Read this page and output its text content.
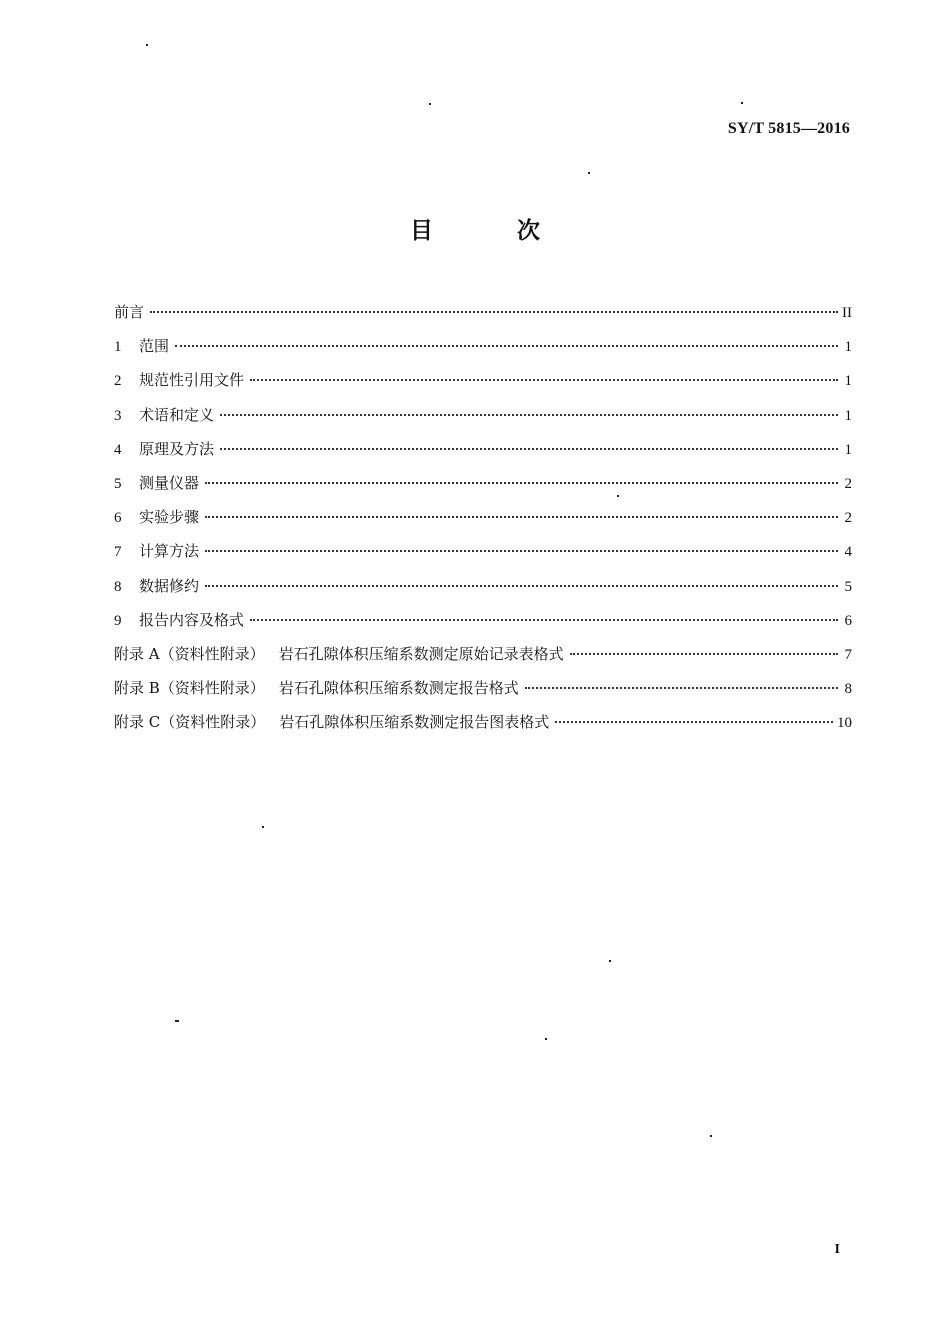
SY/T 5815—2016
目 次
前言	II
1	范围	1
2	规范性引用文件	1
3	术语和定义	1
4	原理及方法	1
5	测量仪器	2
6	实验步骤	2
7	计算方法	4
8	数据修约	5
9	报告内容及格式	6
附录 A（资料性附录） 岩石孔隙体积压缩系数测定原始记录表格式	7
附录 B（资料性附录） 岩石孔隙体积压缩系数测定报告格式	8
附录 C（资料性附录） 岩石孔隙体积压缩系数测定报告图表格式	10
I
